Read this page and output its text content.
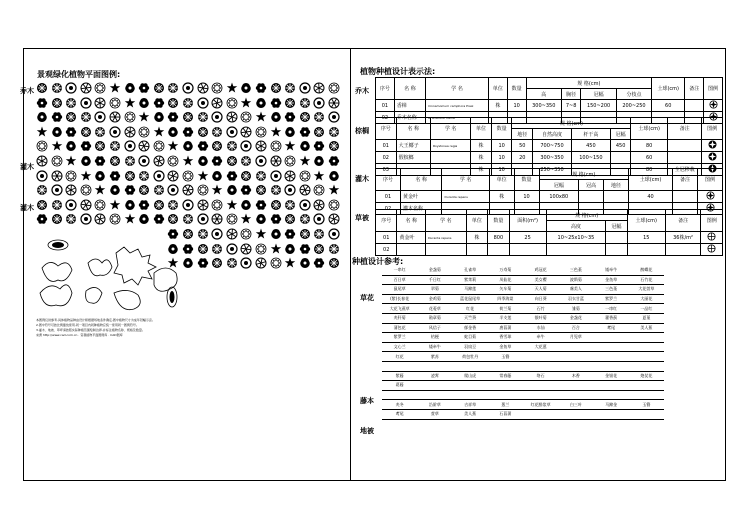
景观绿化植物平面图例:
乔木
灌木
灌木
本图例仅供参考,具体植物品种由设计师根据场地条件确定,图中植物尺寸为成年冠幅示意。
2.图中符号可按比例缩放使用,同一项目内同种植物应统一使用同一图例符号。
3.灌木、地被、草坪请按照实际种植范围绘制边界,并标注植物名称、规格及数量。
来源 http://www.cad.com.cn · 景观植物平面图例库 · CAD图库
植物种植设计表示法:
乔木
棕榈
灌木
草被
序号	名 称	学 名	单位	数量	规 格(cm)				土球(cm)	备注	图例
					高	胸径	冠幅	分枝点			
01	香樟	Cinnamomum camphora Presl	株	10	300~350	7~8	150~200	200~250	60		
02	乔木名称	A. scientific name									
序号	名 称	学 名	单位	数量	规 格(cm)				土球(cm)	备注	图例
					地径	自然高度	杆干高	冠幅			
01	大王椰子	Roystonea regia	株	10	50	700~750	450	450	80		
02	假槟榔		株	10	20	300~350	100~150		60		
03			株	10		250~350			80	全冠移栽	
序号	名 称	学 名	单位	数量	规 格(cm)			土球(cm)	备注	图例
					冠幅	冠高	地径			
01	黄金叶	Duranta repens	株	10	100x80			40		
02	灌木名称									
序号	名 称	学 名	单位	数量	面积(m²)	规 格(cm)		土球(cm)	备注	图例
						高度	冠幅			
01	黄金叶	Duranta repens	株	800	25	10~25x10~35		15	36株/m²	
02										
种植设计参考:
草花
藤本
地被
一串红	金盏菊	孔雀草	万寿菊	鸡冠花	三色堇	矮牵牛	醉蝶花
百日草	千日红	紫茉莉	凤仙花	美女樱	波斯菊	金鱼草	石竹花
鼠尾草	翠菊	马蹄莲	矢车菊	天人菊	虞美人	三色堇	大花萱草
(紫)长春花	金鸡菊	蓝花鼠尾草	四季海棠	向日葵	羽衣甘蓝	紫罗兰	大丽花
大花飞燕草	花菱草	红花	荷兰菊	石竹	雏菊	一串红	一品红
麦秆菊	勋章菊	天竺葵	半支莲	银叶菊	金盏花	藿香蓟	夏堇
蒲包花	风信子	郁金香	唐菖蒲	水仙	百合	鸢尾	美人蕉
紫罗兰	桔梗	蛇目菊	香雪球	牵牛	月见草		
文心兰	矮牵牛	羽扇豆	金鱼草	大花葱			
红花	紫苏	荷包牡丹	玉簪				

紫藤	凌霄	爬山虎	常春藤	络石	木香	金银花	炮仗花
葛藤							

麦冬	沿阶草	吉祥草	葱兰	红花酢浆草	白三叶	马蹄金	玉簪
鸢尾	萱草	美人蕉	石菖蒲				
